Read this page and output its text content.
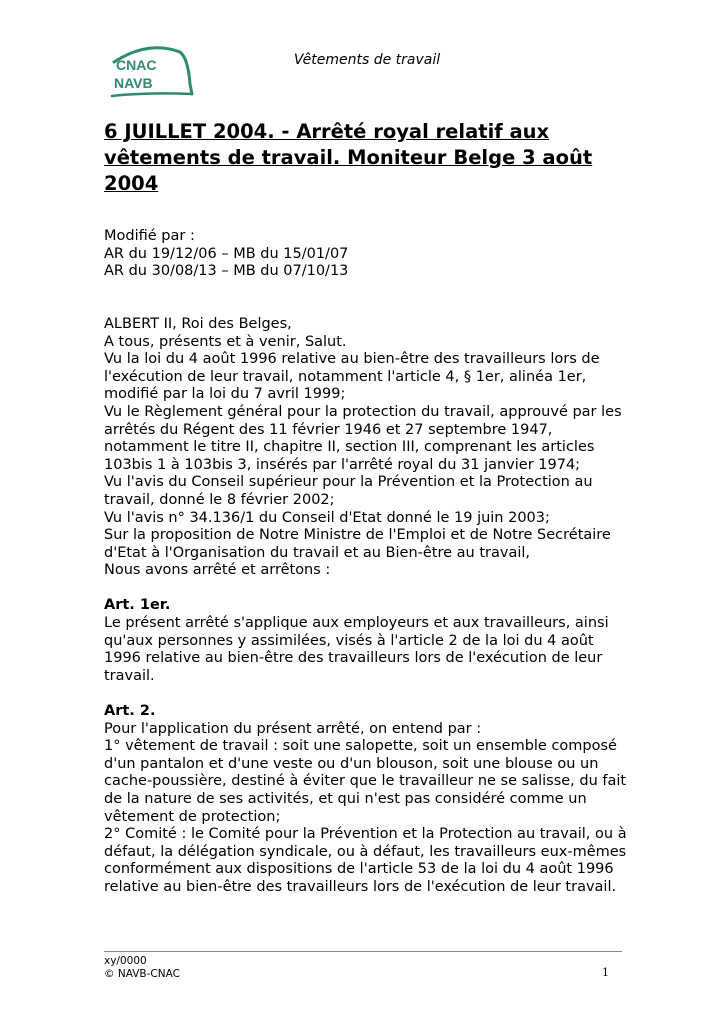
CNAC
NAVB
Vêtements de travail
6 JUILLET 2004. - Arrêté royal relatif aux vêtements de travail. Moniteur Belge 3 août 2004

Modifié par :

AR du 19/12/06 – MB du 15/01/07

AR du 30/08/13 – MB du 07/10/13

ALBERT II, Roi des Belges,

A tous, présents et à venir, Salut.

Vu la loi du 4 août 1996 relative au bien-être des travailleurs lors de l'exécution de leur travail, notamment l'article 4, § 1er, alinéa 1er, modifié par la loi du 7 avril 1999;

Vu le Règlement général pour la protection du travail, approuvé par les arrêtés du Régent des 11 février 1946 et 27 septembre 1947, notamment le titre II, chapitre II, section III, comprenant les articles 103bis 1 à 103bis 3, insérés par l'arrêté royal du 31 janvier 1974;

Vu l'avis du Conseil supérieur pour la Prévention et la Protection au travail, donné le 8 février 2002;

Vu l'avis n° 34.136/1 du Conseil d'Etat donné le 19 juin 2003;

Sur la proposition de Notre Ministre de l'Emploi et de Notre Secrétaire d'Etat à l'Organisation du travail et au Bien-être au travail,

Nous avons arrêté et arrêtons :

Art. 1er.

Le présent arrêté s'applique aux employeurs et aux travailleurs, ainsi qu'aux personnes y assimilées, visés à l'article 2 de la loi du 4 août 1996 relative au bien-être des travailleurs lors de l'exécution de leur travail.

Art. 2.

Pour l'application du présent arrêté, on entend par :

1° vêtement de travail : soit une salopette, soit un ensemble composé d'un pantalon et d'une veste ou d'un blouson, soit une blouse ou un cache-poussière, destiné à éviter que le travailleur ne se salisse, du fait de la nature de ses activités, et qui n'est pas considéré comme un vêtement de protection;

2° Comité : le Comité pour la Prévention et la Protection au travail, ou à défaut, la délégation syndicale, ou à défaut, les travailleurs eux-mêmes conformément aux dispositions de l'article 53 de la loi du 4 août 1996 relative au bien-être des travailleurs lors de l'exécution de leur travail.

xy/0000
© NAVB-CNAC	1
